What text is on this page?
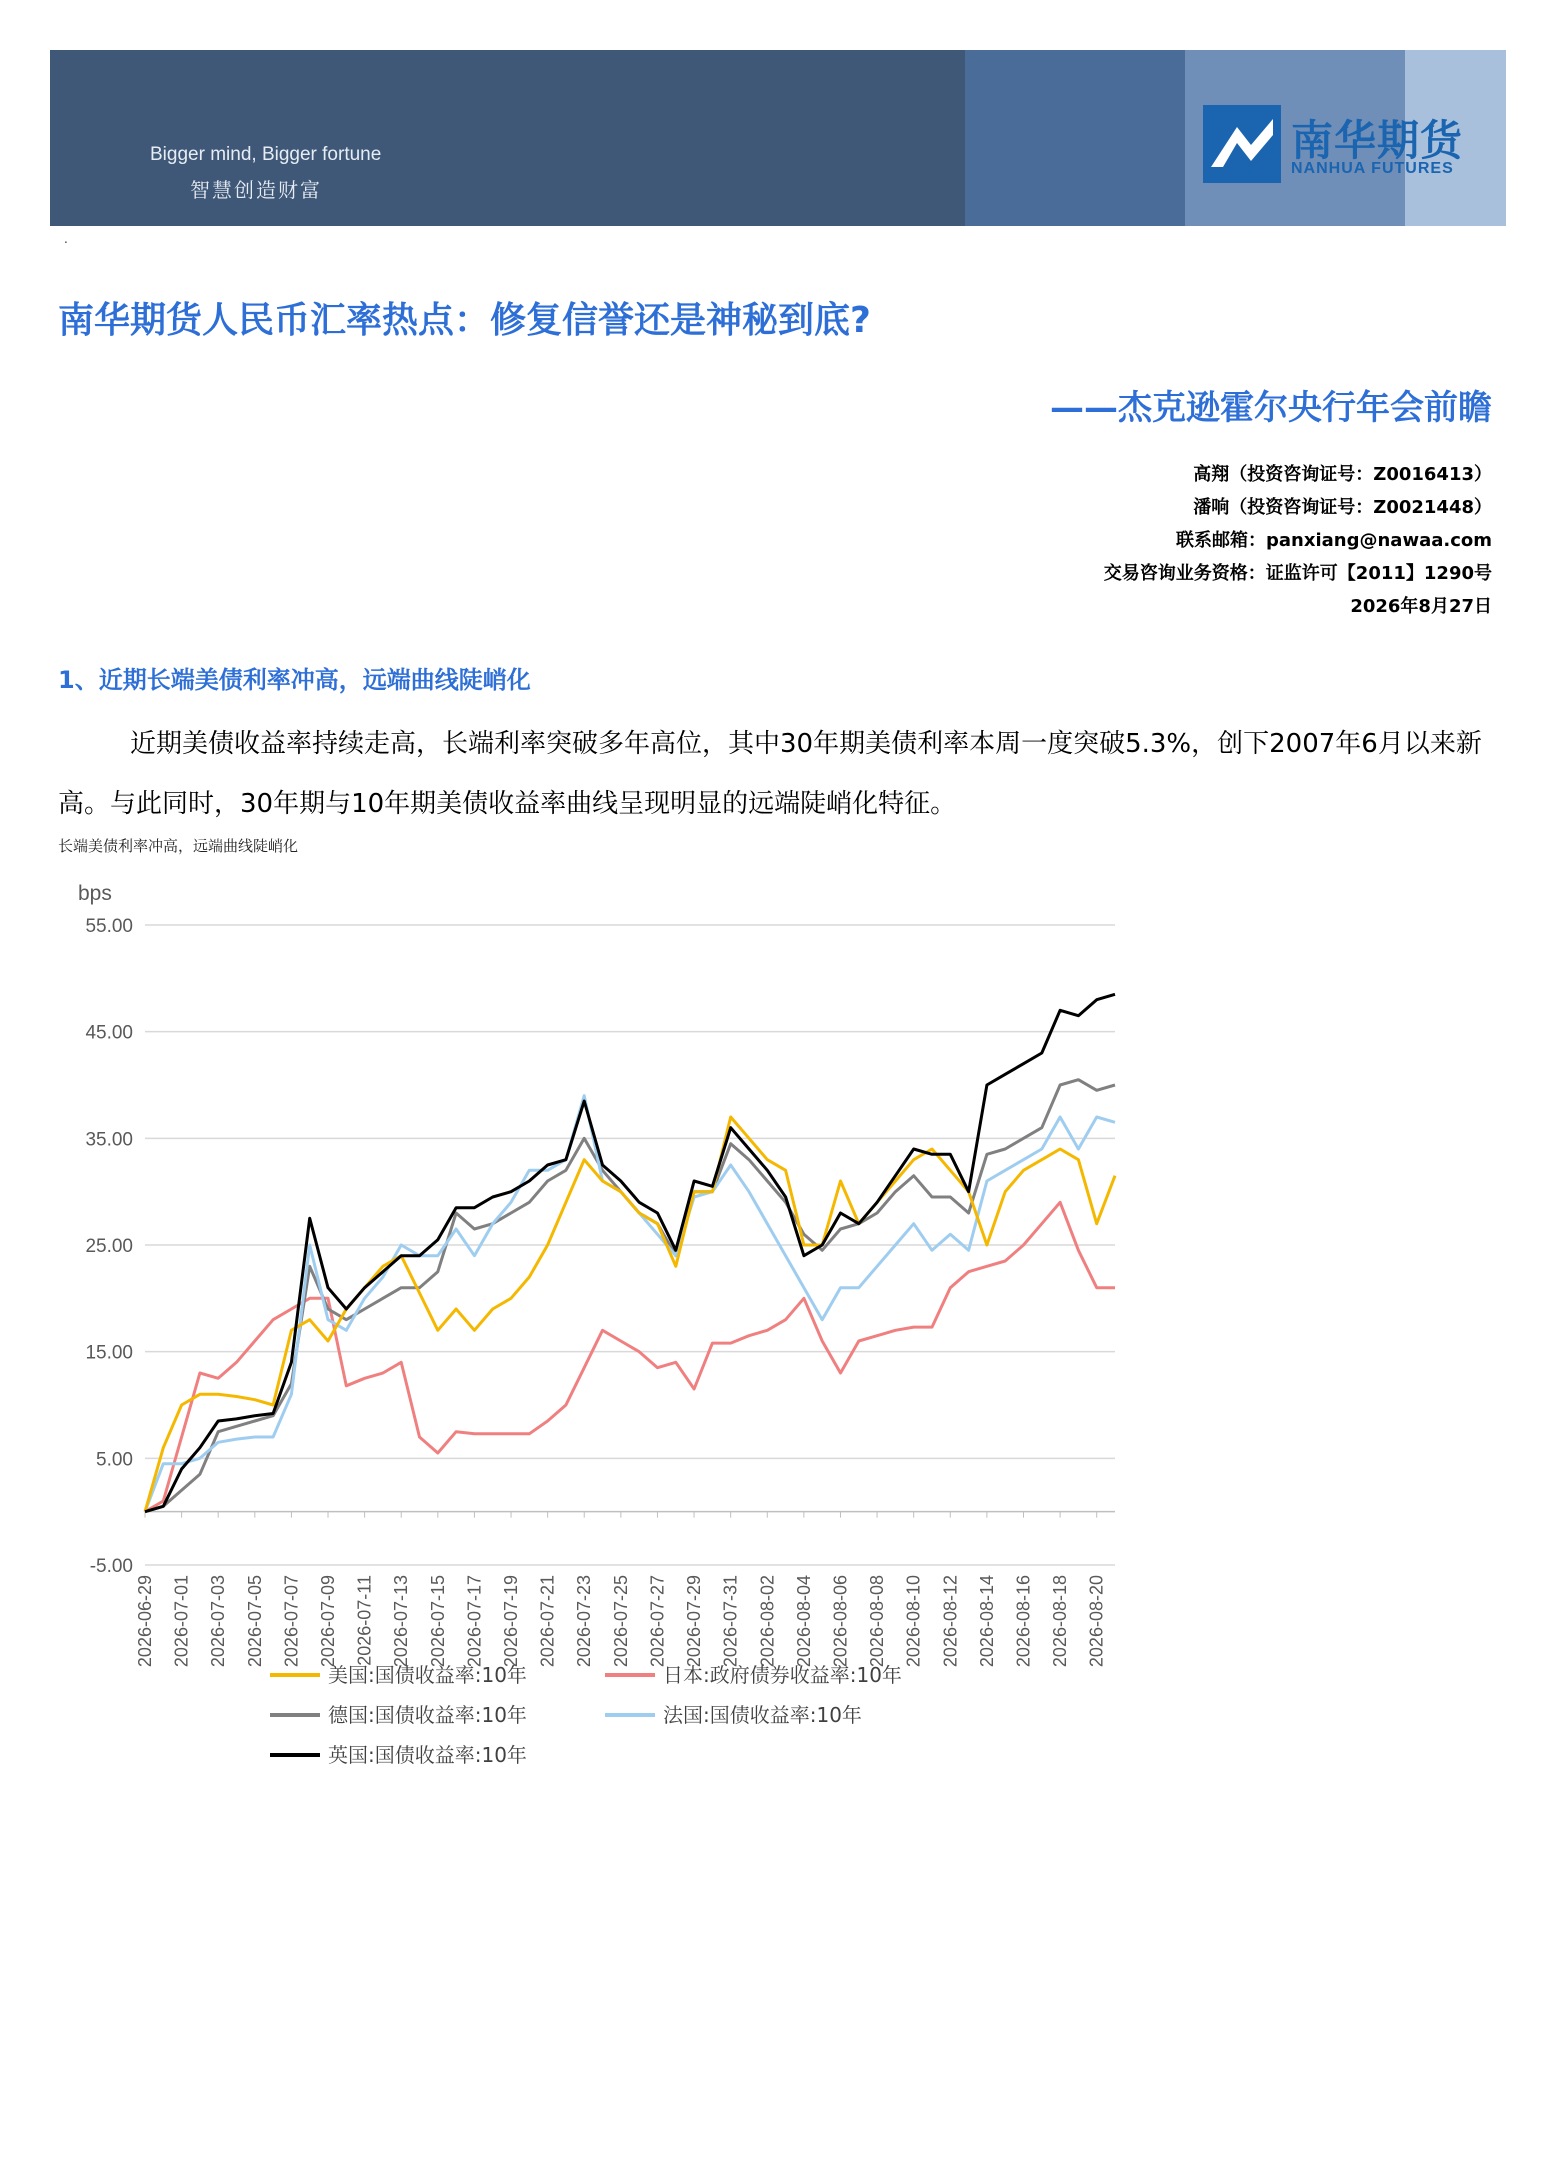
Bigger mind, Bigger fortune
智慧创造财富
南华期货
NANHUA FUTURES
.
南华期货人民币汇率热点：修复信誉还是神秘到底?
——杰克逊霍尔央行年会前瞻
高翔（投资咨询证号：Z0016413）
潘响（投资咨询证号：Z0021448）
联系邮箱：panxiang@nawaa.com
交易咨询业务资格：证监许可【2011】1290号
2026年8月27日
1、近期长端美债利率冲高，远端曲线陡峭化
近期美债收益率持续走高，长端利率突破多年高位，其中30年期美债利率本周一度突破5.3%，创下2007年6月以来新高。与此同时，30年期与10年期美债收益率曲线呈现明显的远端陡峭化特征。
长端美债利率冲高，远端曲线陡峭化
55.00
45.00
35.00
25.00
15.00
5.00
-5.00
bps
2026-06-29 2026-07-01 2026-07-03 2026-07-05 2026-07-07 2026-07-09 2026-07-11 2026-07-13 2026-07-15 2026-07-17 2026-07-19 2026-07-21 2026-07-23 2026-07-25 2026-07-27 2026-07-29 2026-07-31 2026-08-02 2026-08-04 2026-08-06 2026-08-08 2026-08-10 2026-08-12 2026-08-14 2026-08-16 2026-08-18 2026-08-20
美国:国债收益率:10年	日本:政府债券收益率:10年
德国:国债收益率:10年	法国:国债收益率:10年
英国:国债收益率:10年
